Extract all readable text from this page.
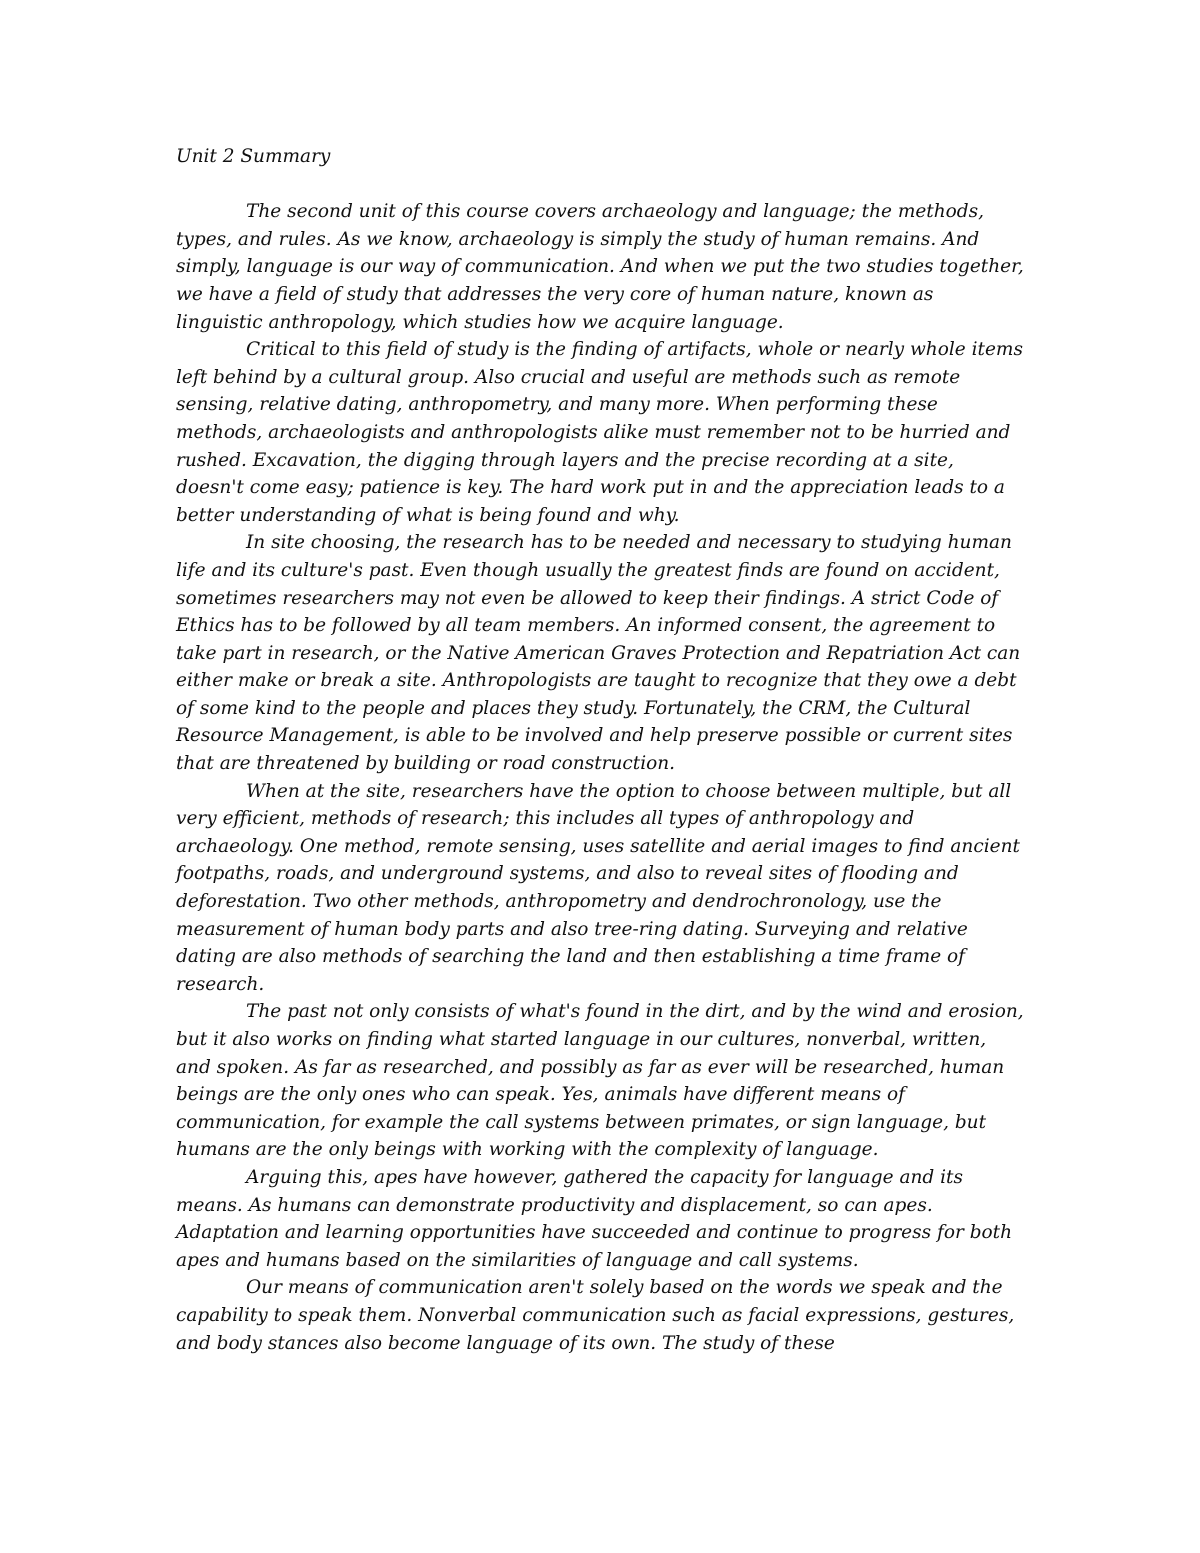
Unit 2 Summary

The second unit of this course covers archaeology and language; the methods, types, and rules. As we know, archaeology is simply the study of human remains. And simply, language is our way of communication. And when we put the two studies together, we have a field of study that addresses the very core of human nature, known as linguistic anthropology, which studies how we acquire language.

Critical to this field of study is the finding of artifacts, whole or nearly whole items left behind by a cultural group. Also crucial and useful are methods such as remote sensing, relative dating, anthropometry, and many more. When performing these methods, archaeologists and anthropologists alike must remember not to be hurried and rushed. Excavation, the digging through layers and the precise recording at a site, doesn't come easy; patience is key. The hard work put in and the appreciation leads to a better understanding of what is being found and why.

In site choosing, the research has to be needed and necessary to studying human life and its culture's past. Even though usually the greatest finds are found on accident, sometimes researchers may not even be allowed to keep their findings. A strict Code of Ethics has to be followed by all team members. An informed consent, the agreement to take part in research, or the Native American Graves Protection and Repatriation Act can either make or break a site. Anthropologists are taught to recognize that they owe a debt of some kind to the people and places they study. Fortunately, the CRM, the Cultural Resource Management, is able to be involved and help preserve possible or current sites that are threatened by building or road construction.

When at the site, researchers have the option to choose between multiple, but all very efficient, methods of research; this includes all types of anthropology and archaeology. One method, remote sensing, uses satellite and aerial images to find ancient footpaths, roads, and underground systems, and also to reveal sites of flooding and deforestation. Two other methods, anthropometry and dendrochronology, use the measurement of human body parts and also tree-ring dating. Surveying and relative dating are also methods of searching the land and then establishing a time frame of research.

The past not only consists of what's found in the dirt, and by the wind and erosion, but it also works on finding what started language in our cultures, nonverbal, written, and spoken. As far as researched, and possibly as far as ever will be researched, human beings are the only ones who can speak. Yes, animals have different means of communication, for example the call systems between primates, or sign language, but humans are the only beings with working with the complexity of language.

Arguing this, apes have however, gathered the capacity for language and its means. As humans can demonstrate productivity and displacement, so can apes. Adaptation and learning opportunities have succeeded and continue to progress for both apes and humans based on the similarities of language and call systems.

Our means of communication aren't solely based on the words we speak and the capability to speak them. Nonverbal communication such as facial expressions, gestures, and body stances also become language of its own. The study of these
